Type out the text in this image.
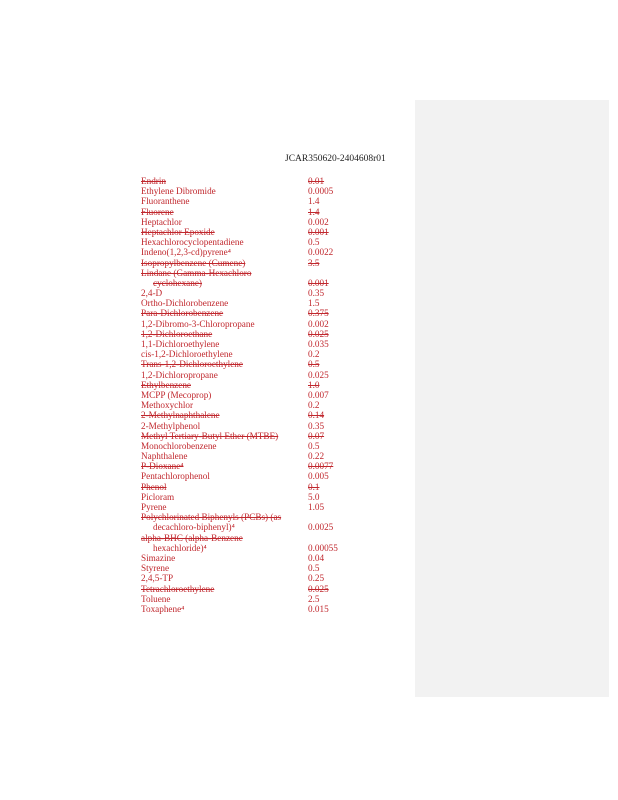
JCAR350620-2404608r01
Endrin	0.01
Ethylene Dibromide	0.0005
Fluoranthene	1.4
Fluorene	1.4
Heptachlor	0.002
Heptachlor Epoxide	0.001
Hexachlorocyclopentadiene	0.5
Indeno(1,2,3-cd)pyrene⁴	0.0022
Isopropylbenzene (Cumene)	3.5
Lindane (Gamma-Hexachloro
cyclohexane)	0.001
2,4-D	0.35
Ortho-Dichlorobenzene	1.5
Para-Dichlorobenzene	0.375
1,2-Dibromo-3-Chloropropane	0.002
1,2-Dichloroethane	0.025
1,1-Dichloroethylene	0.035
cis-1,2-Dichloroethylene	0.2
Trans-1,2-Dichloroethylene	0.5
1,2-Dichloropropane	0.025
Ethylbenzene	1.0
MCPP (Mecoprop)	0.007
Methoxychlor	0.2
2-Methylnaphthalene	0.14
2-Methylphenol	0.35
Methyl Tertiary-Butyl Ether (MTBE)	0.07
Monochlorobenzene	0.5
Naphthalene	0.22
P-Dioxane⁴	0.0077
Pentachlorophenol	0.005
Phenol	0.1
Picloram	5.0
Pyrene	1.05
Polychlorinated Biphenyls (PCBs) (as
decachloro-biphenyl)⁴	0.0025
alpha-BHC (alpha-Benzene
hexachloride)⁴	0.00055
Simazine	0.04
Styrene	0.5
2,4,5-TP	0.25
Tetrachloroethylene	0.025
Toluene	2.5
Toxaphene⁴	0.015
